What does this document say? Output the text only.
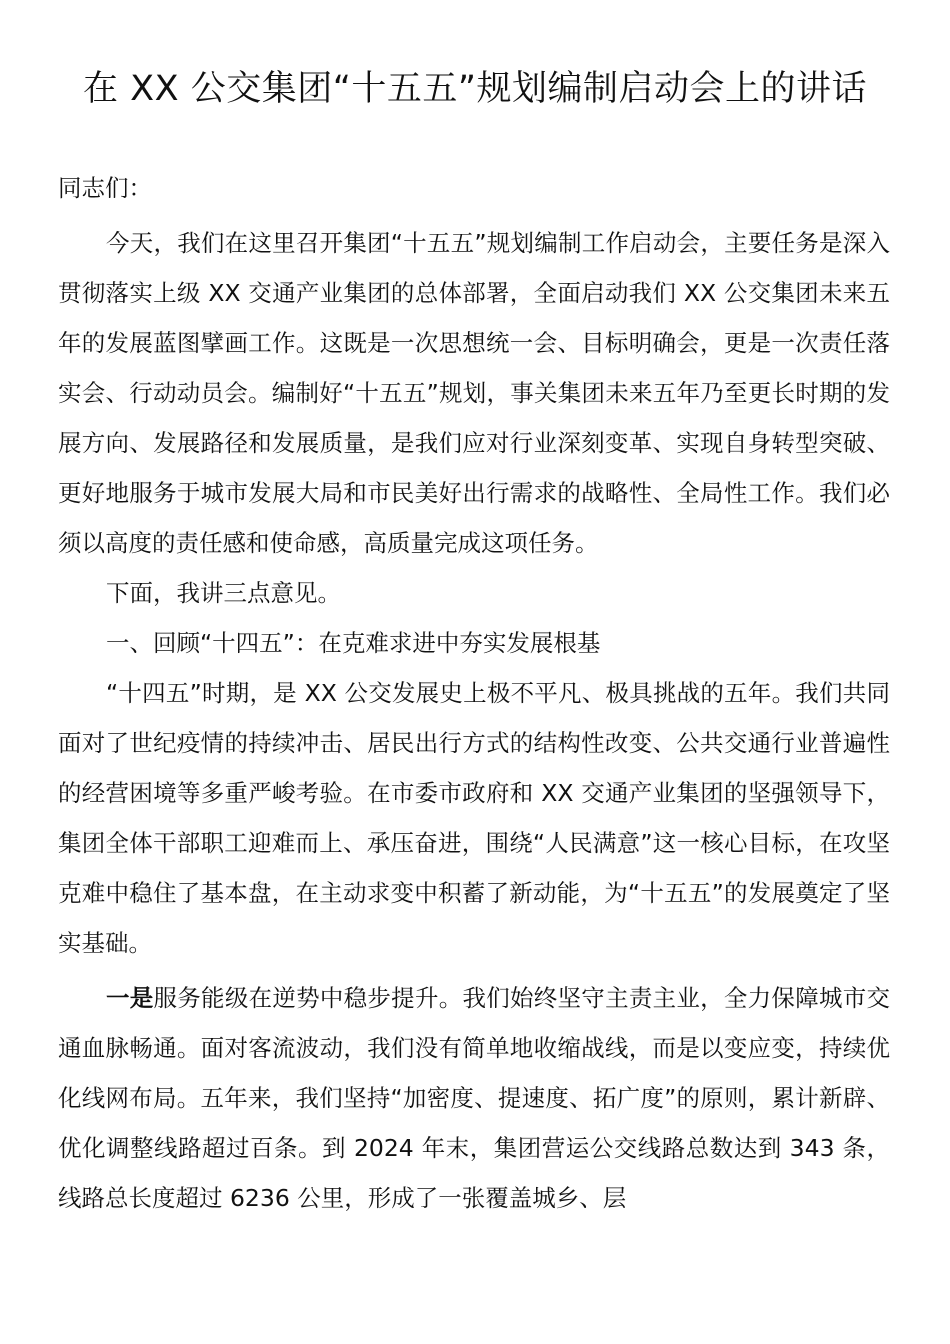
在 XX 公交集团“十五五”规划编制启动会上的讲话

同志们：

今天，我们在这里召开集团“十五五”规划编制工作启动会，主要任务是深入贯彻落实上级 XX 交通产业集团的总体部署，全面启动我们 XX 公交集团未来五年的发展蓝图擘画工作。这既是一次思想统一会、目标明确会，更是一次责任落实会、行动动员会。编制好“十五五”规划，事关集团未来五年乃至更长时期的发展方向、发展路径和发展质量，是我们应对行业深刻变革、实现自身转型突破、更好地服务于城市发展大局和市民美好出行需求的战略性、全局性工作。我们必须以高度的责任感和使命感，高质量完成这项任务。

下面，我讲三点意见。

一、回顾“十四五”：在克难求进中夯实发展根基

“十四五”时期，是 XX 公交发展史上极不平凡、极具挑战的五年。我们共同面对了世纪疫情的持续冲击、居民出行方式的结构性改变、公共交通行业普遍性的经营困境等多重严峻考验。在市委市政府和 XX 交通产业集团的坚强领导下，集团全体干部职工迎难而上、承压奋进，围绕“人民满意”这一核心目标，在攻坚克难中稳住了基本盘，在主动求变中积蓄了新动能，为“十五五”的发展奠定了坚实基础。

一是服务能级在逆势中稳步提升。我们始终坚守主责主业，全力保障城市交通血脉畅通。面对客流波动，我们没有简单地收缩战线，而是以变应变，持续优化线网布局。五年来，我们坚持“加密度、提速度、拓广度”的原则，累计新辟、优化调整线路超过百条。到 2024 年末，集团营运公交线路总数达到 343 条，线路总长度超过 6236 公里，形成了一张覆盖城乡、层
